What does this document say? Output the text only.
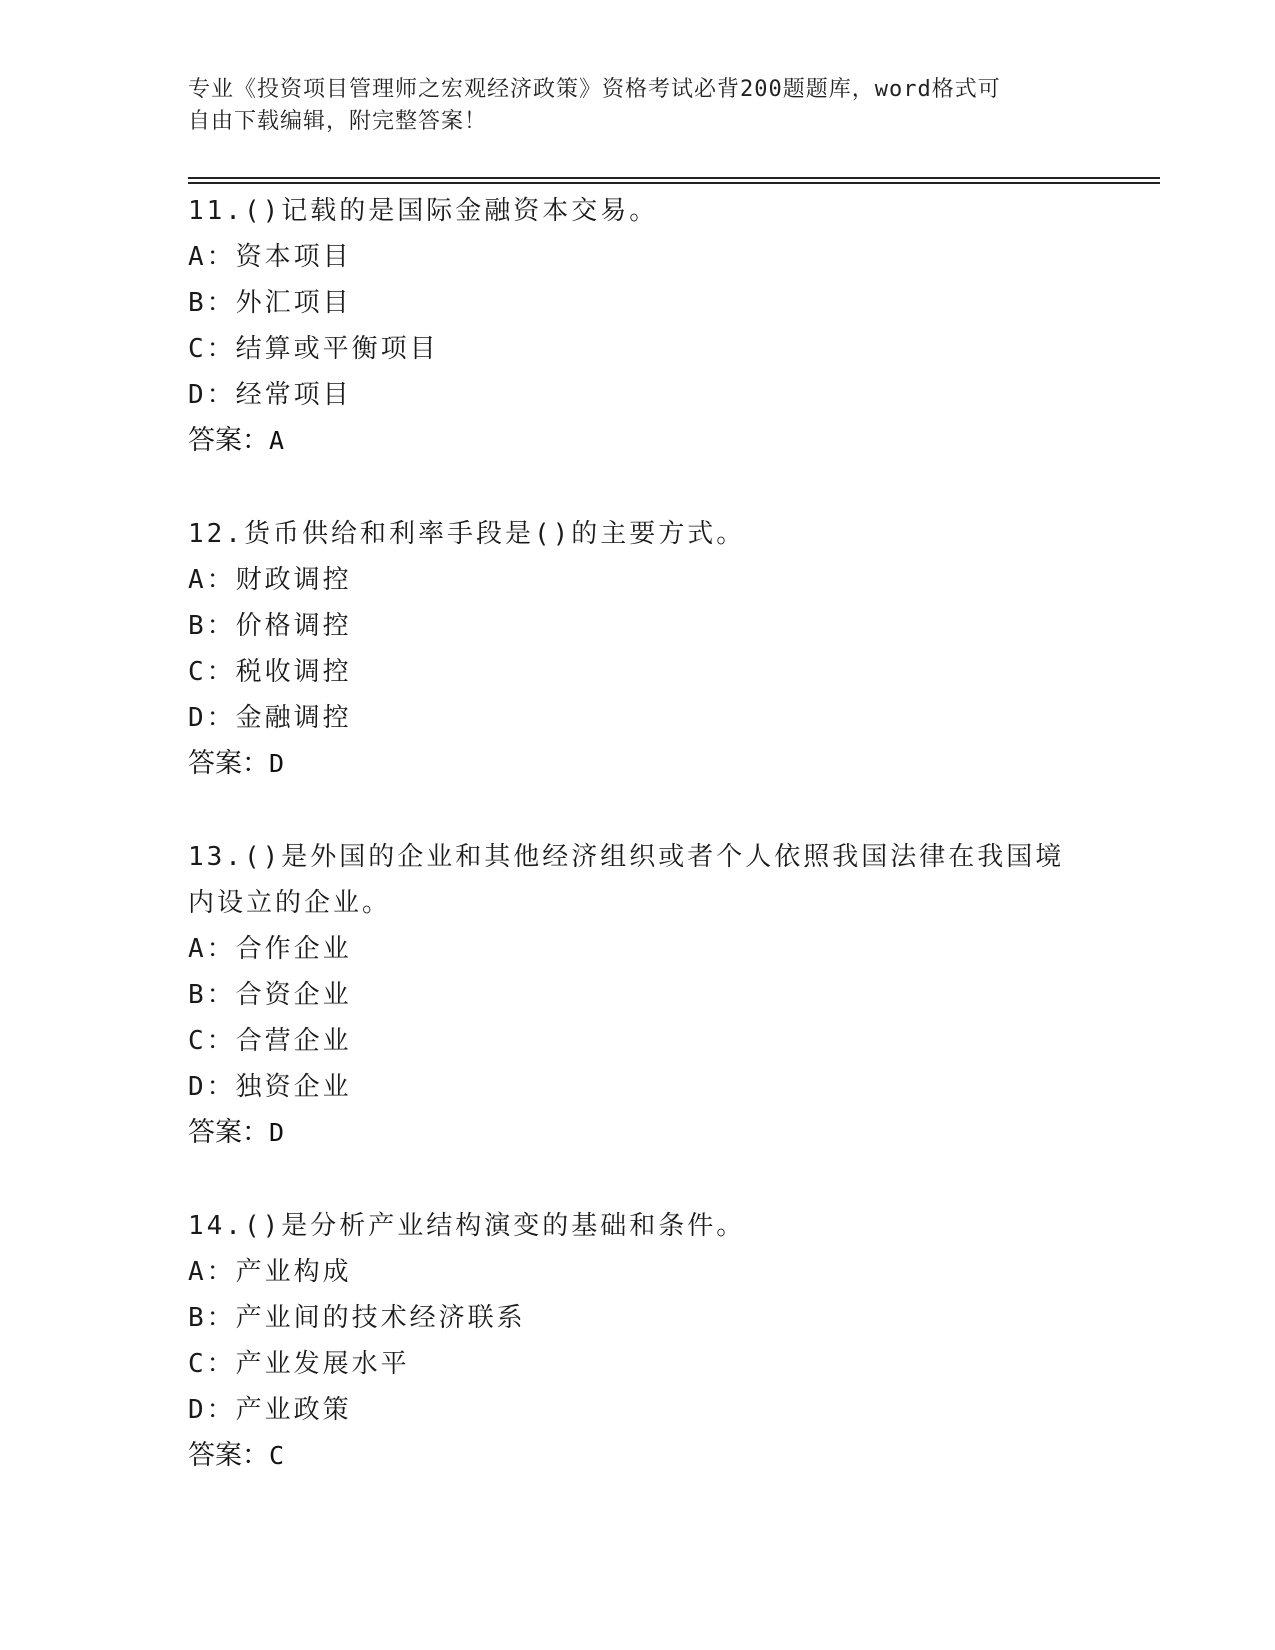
专业《投资项目管理师之宏观经济政策》资格考试必背200题题库，word格式可
自由下载编辑，附完整答案！
11.()记载的是国际金融资本交易。
A：资本项目
B：外汇项目
C：结算或平衡项目
D：经常项目
答案：A
12.货币供给和利率手段是()的主要方式。
A：财政调控
B：价格调控
C：税收调控
D：金融调控
答案：D
13.()是外国的企业和其他经济组织或者个人依照我国法律在我国境内设立的企业。
A：合作企业
B：合资企业
C：合营企业
D：独资企业
答案：D
14.()是分析产业结构演变的基础和条件。
A：产业构成
B：产业间的技术经济联系
C：产业发展水平
D：产业政策
答案：C
